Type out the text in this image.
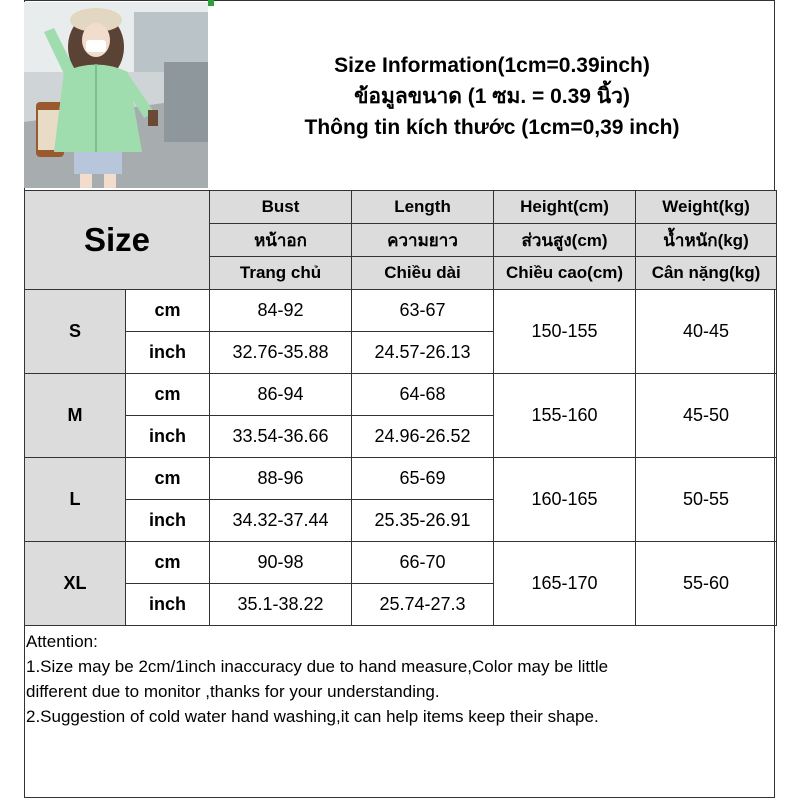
Size Information(1cm=0.39inch)
ข้อมูลขนาด (1 ซม. = 0.39 นิ้ว)
Thông tin kích thước (1cm=0,39 inch)
Size		Bust	Length	Height(cm)	Weight(kg)
		หน้าอก	ความยาว	ส่วนสูง(cm)	น้ำหนัก(kg)
		Trang chủ	Chiều dài	Chiều cao(cm)	Cân nặng(kg)
S	cm	84-92	63-67	150-155	40-45
	inch	32.76-35.88	24.57-26.13		
M	cm	86-94	64-68	155-160	45-50
	inch	33.54-36.66	24.96-26.52		
L	cm	88-96	65-69	160-165	50-55
	inch	34.32-37.44	25.35-26.91		
XL	cm	90-98	66-70	165-170	55-60
	inch	35.1-38.22	25.74-27.3		
Attention:
1.Size may be 2cm/1inch inaccuracy due to hand measure,Color may be little
different due to monitor ,thanks for your understanding.
2.Suggestion of cold water hand washing,it can help items keep their shape.
